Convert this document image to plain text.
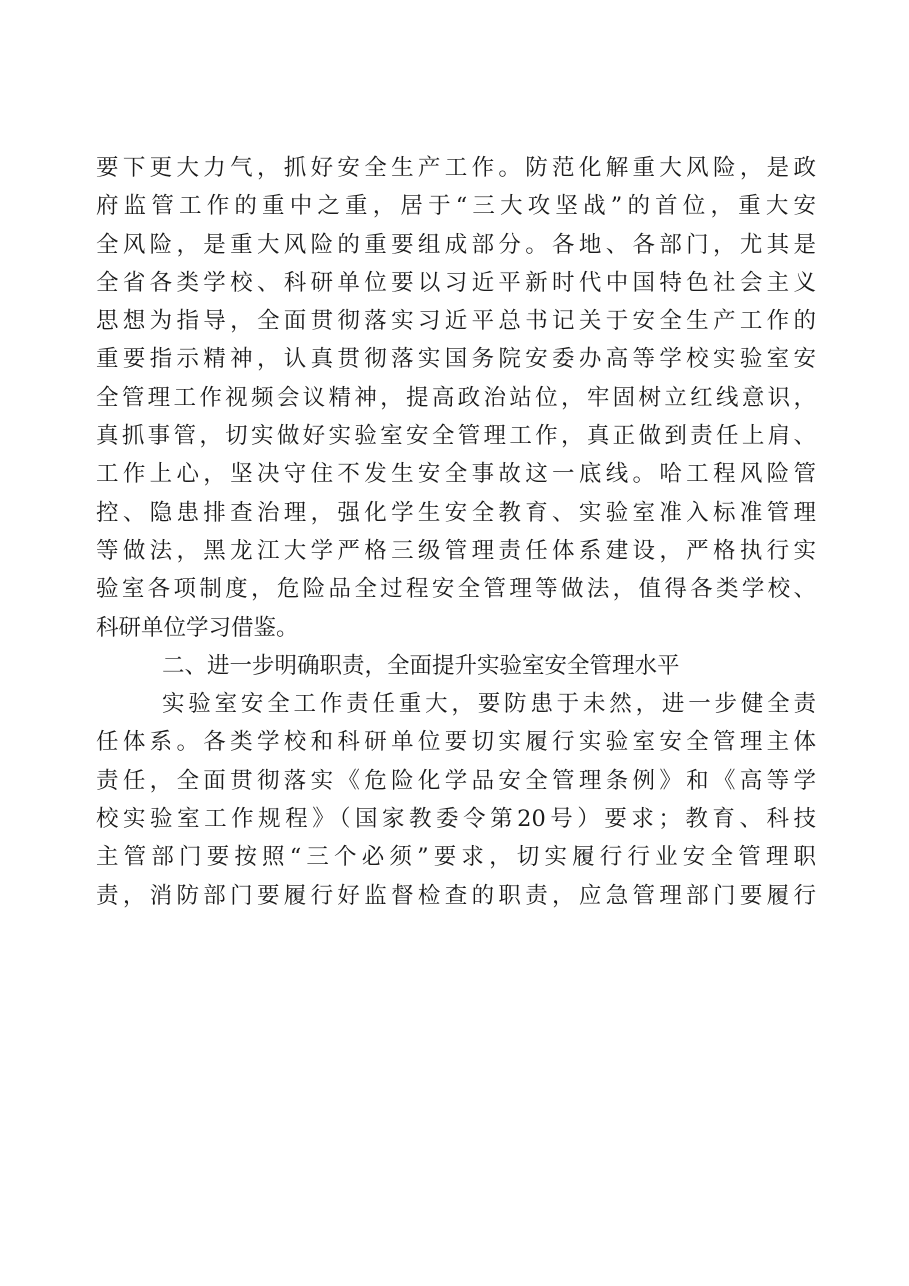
要下更大力气，抓好安全生产工作。防范化解重大风险，是政
府监管工作的重中之重，居于“三大攻坚战”的首位，重大安
全风险，是重大风险的重要组成部分。各地、各部门，尤其是
全省各类学校、科研单位要以习近平新时代中国特色社会主义
思想为指导，全面贯彻落实习近平总书记关于安全生产工作的
重要指示精神，认真贯彻落实国务院安委办高等学校实验室安
全管理工作视频会议精神，提高政治站位，牢固树立红线意识，
真抓事管，切实做好实验室安全管理工作，真正做到责任上肩、
工作上心，坚决守住不发生安全事故这一底线。哈工程风险管
控、隐患排查治理，强化学生安全教育、实验室准入标准管理
等做法，黑龙江大学严格三级管理责任体系建设，严格执行实
验室各项制度，危险品全过程安全管理等做法，值得各类学校、
科研单位学习借鉴。
二、进一步明确职责，全面提升实验室安全管理水平
实验室安全工作责任重大，要防患于未然，进一步健全责
任体系。各类学校和科研单位要切实履行实验室安全管理主体
责任，全面贯彻落实《危险化学品安全管理条例》和《高等学
校实验室工作规程》（国家教委令第20号）要求；教育、科技
主管部门要按照“三个必须”要求，切实履行行业安全管理职
责，消防部门要履行好监督检查的职责，应急管理部门要履行
